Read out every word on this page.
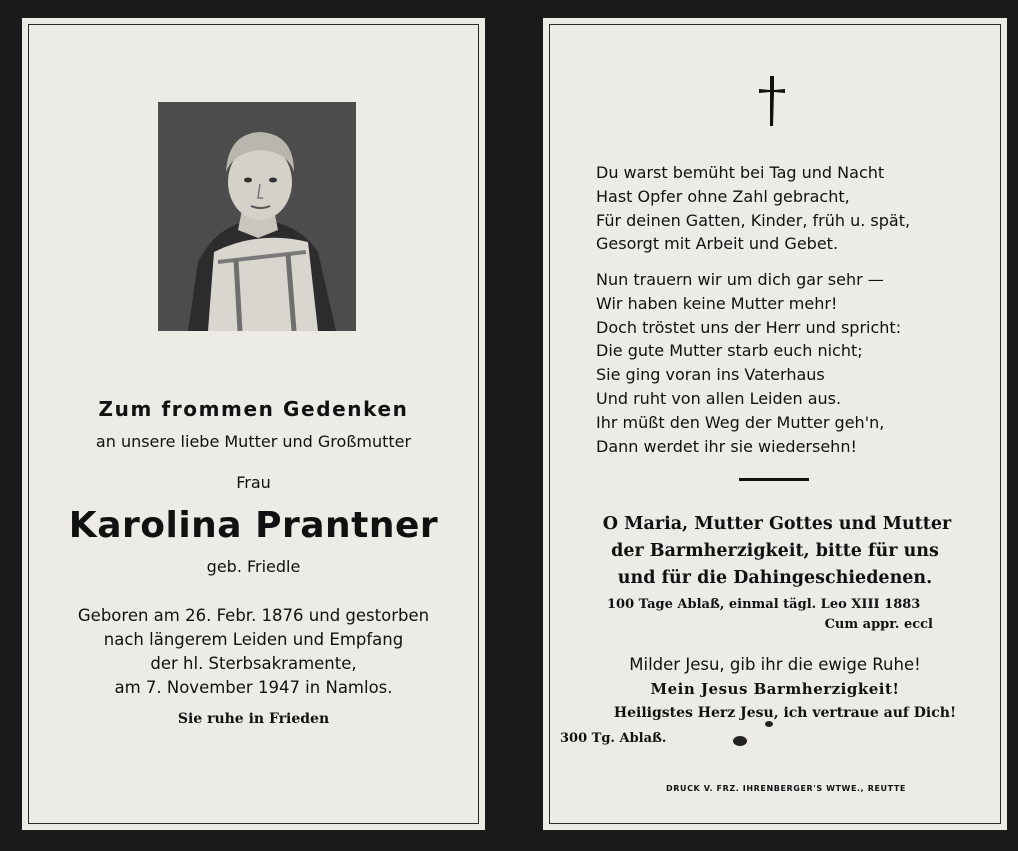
Zum frommen Gedenken
an unsere liebe Mutter und Großmutter
Frau
Karolina Prantner
geb. Friedle
Geboren am 26. Febr. 1876 und gestorben
nach längerem Leiden und Empfang
der hl. Sterbsakramente,
am 7. November 1947 in Namlos.
Sie ruhe in Frieden
Du warst bemüht bei Tag und Nacht
Hast Opfer ohne Zahl gebracht,
Für deinen Gatten, Kinder, früh u. spät,
Gesorgt mit Arbeit und Gebet.
Nun trauern wir um dich gar sehr —
Wir haben keine Mutter mehr!
Doch tröstet uns der Herr und spricht:
Die gute Mutter starb euch nicht;
Sie ging voran ins Vaterhaus
Und ruht von allen Leiden aus.
Ihr müßt den Weg der Mutter geh'n,
Dann werdet ihr sie wiedersehn!
O Maria, Mutter Gottes und Mutter
der Barmherzigkeit, bitte für uns
und für die Dahingeschiedenen.
100 Tage Ablaß, einmal tägl. Leo XIII 1883
Cum appr. eccl
Milder Jesu, gib ihr die ewige Ruhe!
Mein Jesus Barmherzigkeit!
Heiligstes Herz Jesu, ich vertraue auf Dich!
300 Tg. Ablaß.
DRUCK V. FRZ. IHRENBERGER'S WTWE., REUTTE
